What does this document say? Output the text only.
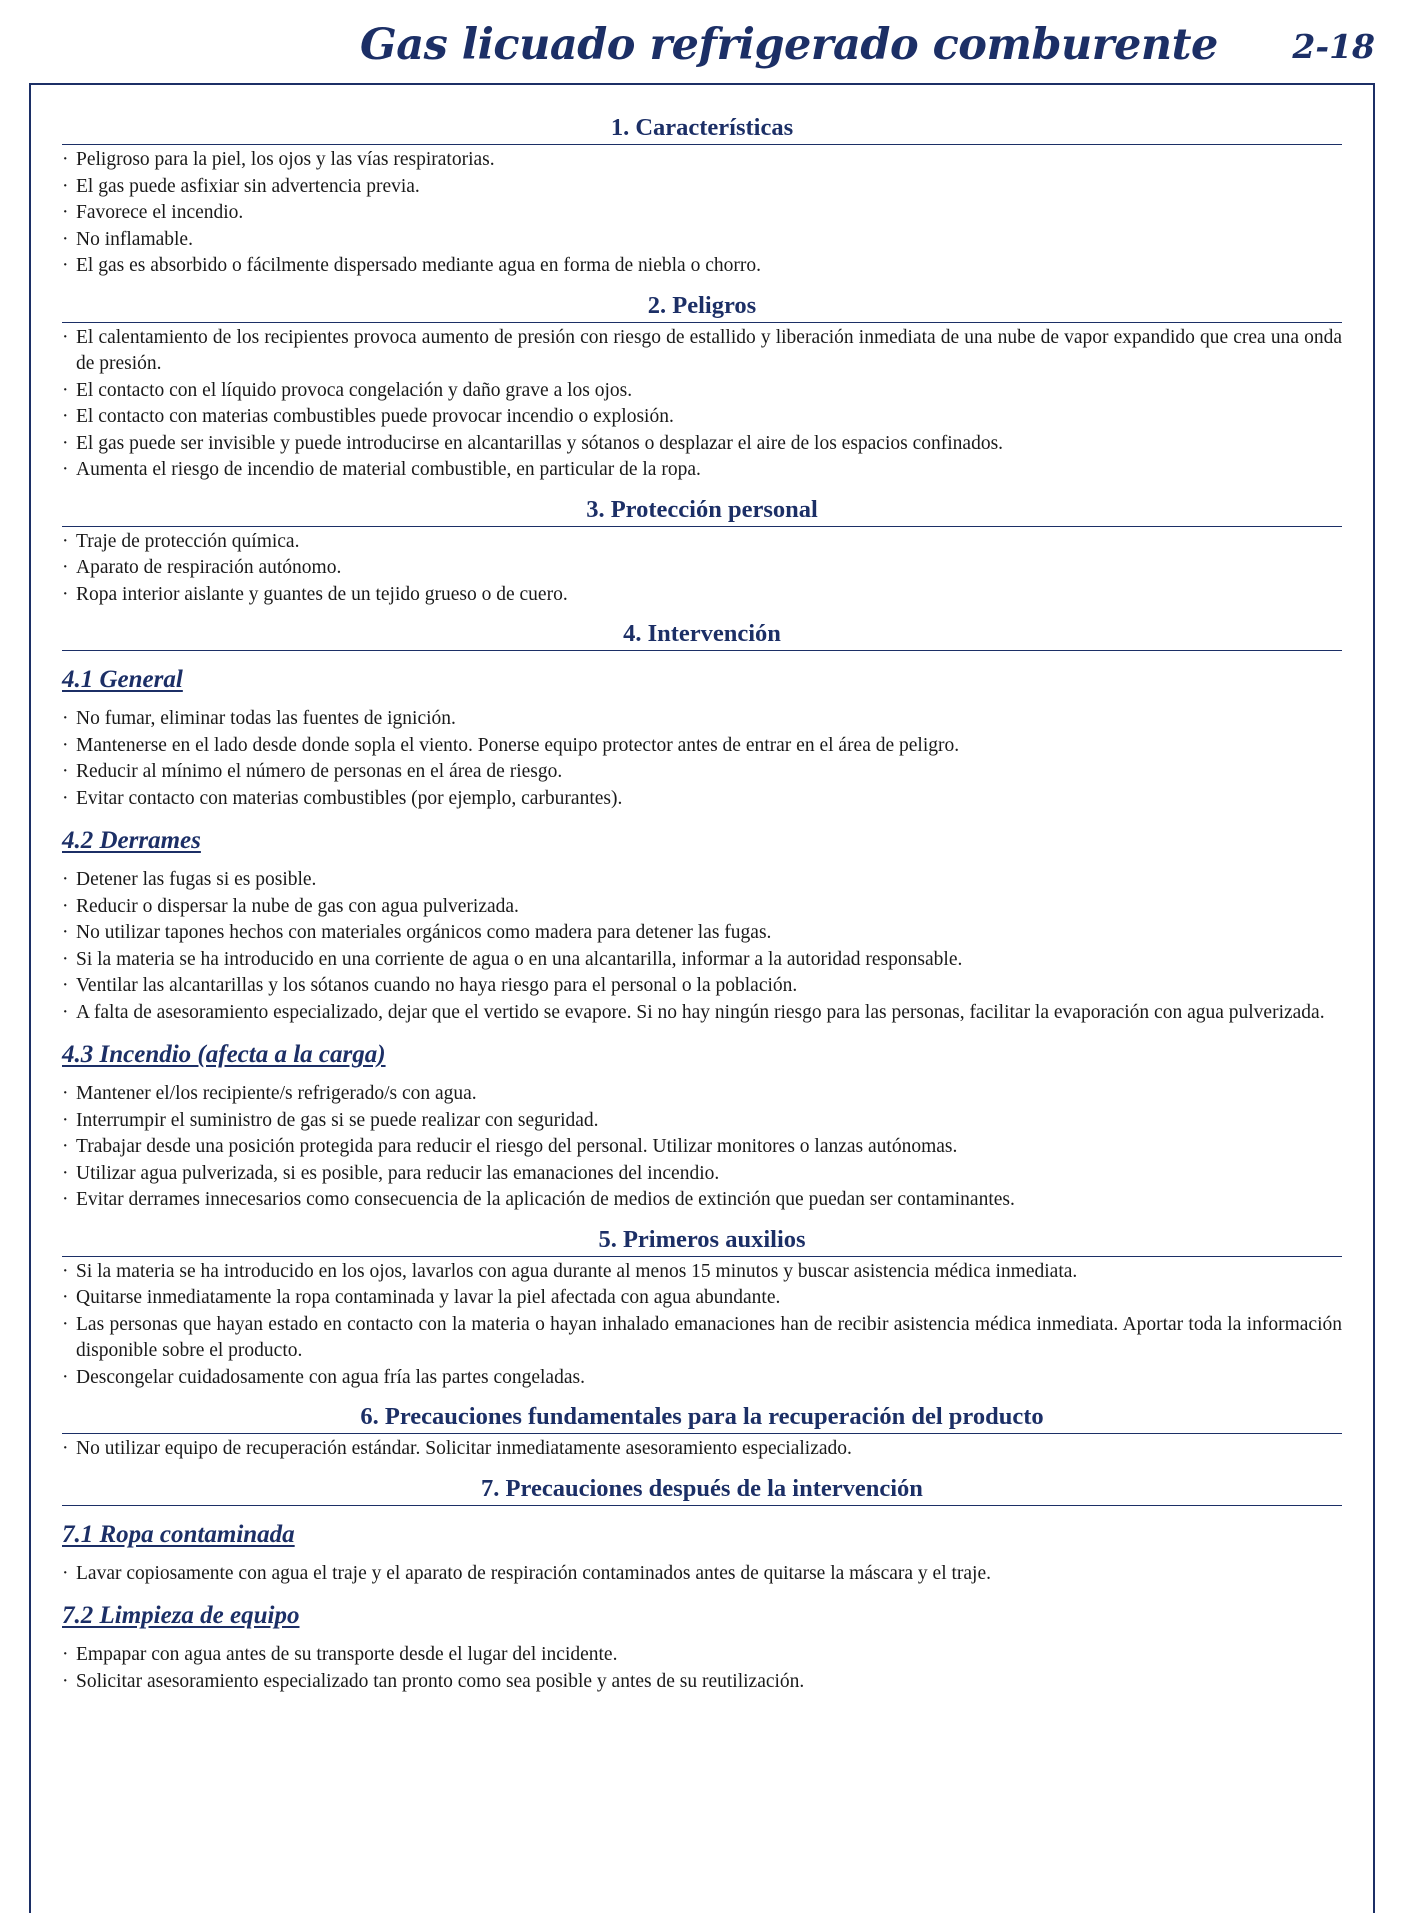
Gas licuado refrigerado comburente 2-18
1. Características
· Peligroso para la piel, los ojos y las vías respiratorias.
· El gas puede asfixiar sin advertencia previa.
· Favorece el incendio.
· No inflamable.
· El gas es absorbido o fácilmente dispersado mediante agua en forma de niebla o chorro.
2. Peligros
· El calentamiento de los recipientes provoca aumento de presión con riesgo de estallido y liberación inmediata de una nube de vapor expandido que crea una onda de presión.
· El contacto con el líquido provoca congelación y daño grave a los ojos.
· El contacto con materias combustibles puede provocar incendio o explosión.
· El gas puede ser invisible y puede introducirse en alcantarillas y sótanos o desplazar el aire de los espacios confinados.
· Aumenta el riesgo de incendio de material combustible, en particular de la ropa.
3. Protección personal
· Traje de protección química.
· Aparato de respiración autónomo.
· Ropa interior aislante y guantes de un tejido grueso o de cuero.
4. Intervención
4.1 General
· No fumar, eliminar todas las fuentes de ignición.
· Mantenerse en el lado desde donde sopla el viento. Ponerse equipo protector antes de entrar en el área de peligro.
· Reducir al mínimo el número de personas en el área de riesgo.
· Evitar contacto con materias combustibles (por ejemplo, carburantes).
4.2 Derrames
· Detener las fugas si es posible.
· Reducir o dispersar la nube de gas con agua pulverizada.
· No utilizar tapones hechos con materiales orgánicos como madera para detener las fugas.
· Si la materia se ha introducido en una corriente de agua o en una alcantarilla, informar a la autoridad responsable.
· Ventilar las alcantarillas y los sótanos cuando no haya riesgo para el personal o la población.
· A falta de asesoramiento especializado, dejar que el vertido se evapore. Si no hay ningún riesgo para las personas, facilitar la evaporación con agua pulverizada.
4.3 Incendio (afecta a la carga)
· Mantener el/los recipiente/s refrigerado/s con agua.
· Interrumpir el suministro de gas si se puede realizar con seguridad.
· Trabajar desde una posición protegida para reducir el riesgo del personal. Utilizar monitores o lanzas autónomas.
· Utilizar agua pulverizada, si es posible, para reducir las emanaciones del incendio.
· Evitar derrames innecesarios como consecuencia de la aplicación de medios de extinción que puedan ser contaminantes.
5. Primeros auxilios
· Si la materia se ha introducido en los ojos, lavarlos con agua durante al menos 15 minutos y buscar asistencia médica inmediata.
· Quitarse inmediatamente la ropa contaminada y lavar la piel afectada con agua abundante.
· Las personas que hayan estado en contacto con la materia o hayan inhalado emanaciones han de recibir asistencia médica inmediata. Aportar toda la información disponible sobre el producto.
· Descongelar cuidadosamente con agua fría las partes congeladas.
6. Precauciones fundamentales para la recuperación del producto
· No utilizar equipo de recuperación estándar. Solicitar inmediatamente asesoramiento especializado.
7. Precauciones después de la intervención
7.1 Ropa contaminada
· Lavar copiosamente con agua el traje y el aparato de respiración contaminados antes de quitarse la máscara y el traje.
7.2 Limpieza de equipo
· Empapar con agua antes de su transporte desde el lugar del incidente.
· Solicitar asesoramiento especializado tan pronto como sea posible y antes de su reutilización.
